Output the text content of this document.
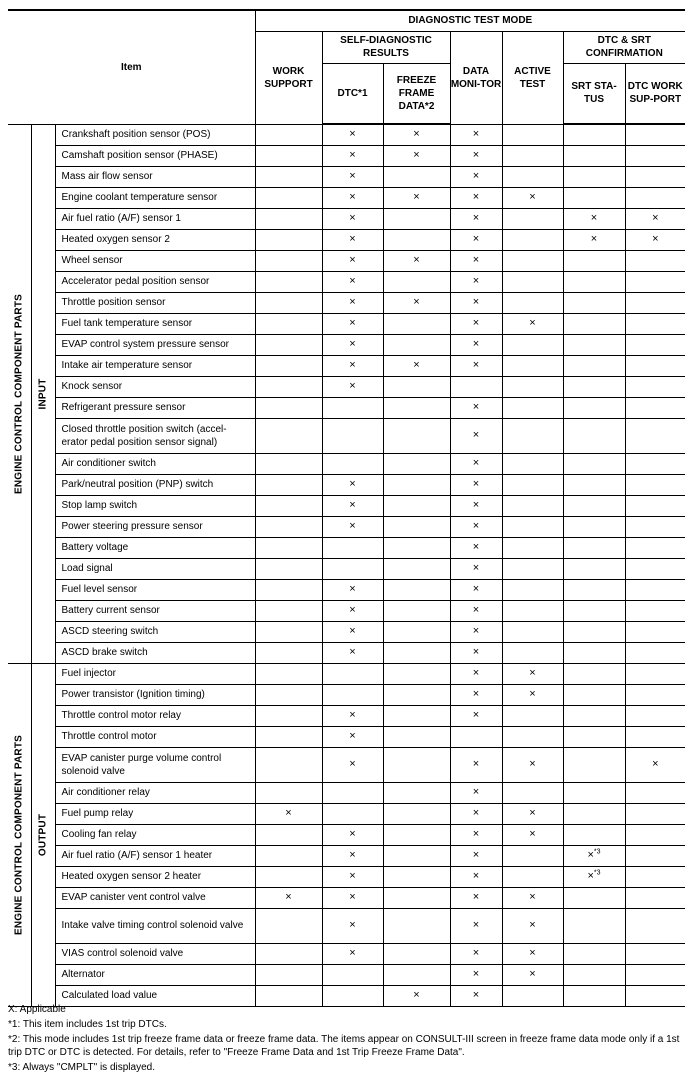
Item			DIAGNOSTIC TEST MODE						
			WORK SUPPORT	SELF-DIAGNOSTIC RESULTS		DATA MONI-TOR	ACTIVE TEST	DTC & SRT CONFIRMATION	
				DTC*1	FREEZE FRAME DATA*2			SRT STA-TUS	DTC WORK SUP-PORT

ENGINE CONTROL COMPONENT PARTS	INPUT	Crankshaft position sensor (POS)		×	×	×			
		Camshaft position sensor (PHASE)		×	×	×			
		Mass air flow sensor		×		×			
		Engine coolant temperature sensor		×	×	×	×		
		Air fuel ratio (A/F) sensor 1		×		×		×	×
		Heated oxygen sensor 2		×		×		×	×
		Wheel sensor		×	×	×			
		Accelerator pedal position sensor		×		×			
		Throttle position sensor		×	×	×			
		Fuel tank temperature sensor		×		×	×		
		EVAP control system pressure sensor		×		×			
		Intake air temperature sensor		×	×	×			
		Knock sensor		×					
		Refrigerant pressure sensor				×			
		Closed throttle position switch (accel-erator pedal position sensor signal)				×			
		Air conditioner switch				×			
		Park/neutral position (PNP) switch		×		×			
		Stop lamp switch		×		×			
		Power steering pressure sensor		×		×			
		Battery voltage				×			
		Load signal				×			
		Fuel level sensor		×		×			
		Battery current sensor		×		×			
		ASCD steering switch		×		×			
		ASCD brake switch		×		×			

ENGINE CONTROL COMPONENT PARTS	OUTPUT	Fuel injector				×	×		
		Power transistor (Ignition timing)				×	×		
		Throttle control motor relay		×		×			
		Throttle control motor		×					
		EVAP canister purge volume control solenoid valve		×		×	×		×
		Air conditioner relay				×			
		Fuel pump relay	×			×	×		
		Cooling fan relay		×		×	×		
		Air fuel ratio (A/F) sensor 1 heater		×		×		×$^{*3}$	
		Heated oxygen sensor 2 heater		×		×		×$^{*3}$	
		EVAP canister vent control valve	×	×		×	×		
		Intake valve timing control solenoid valve		×		×	×		
		VIAS control solenoid valve		×		×	×		
		Alternator				×	×		
		Calculated load value			×	×			

X: Applicable

*1: This item includes 1st trip DTCs.

*2: This mode includes 1st trip freeze frame data or freeze frame data. The items appear on CONSULT-III screen in freeze frame data mode only if a 1st trip DTC or DTC is detected. For details, refer to "Freeze Frame Data and 1st Trip Freeze Frame Data".

*3: Always "CMPLT" is displayed.
